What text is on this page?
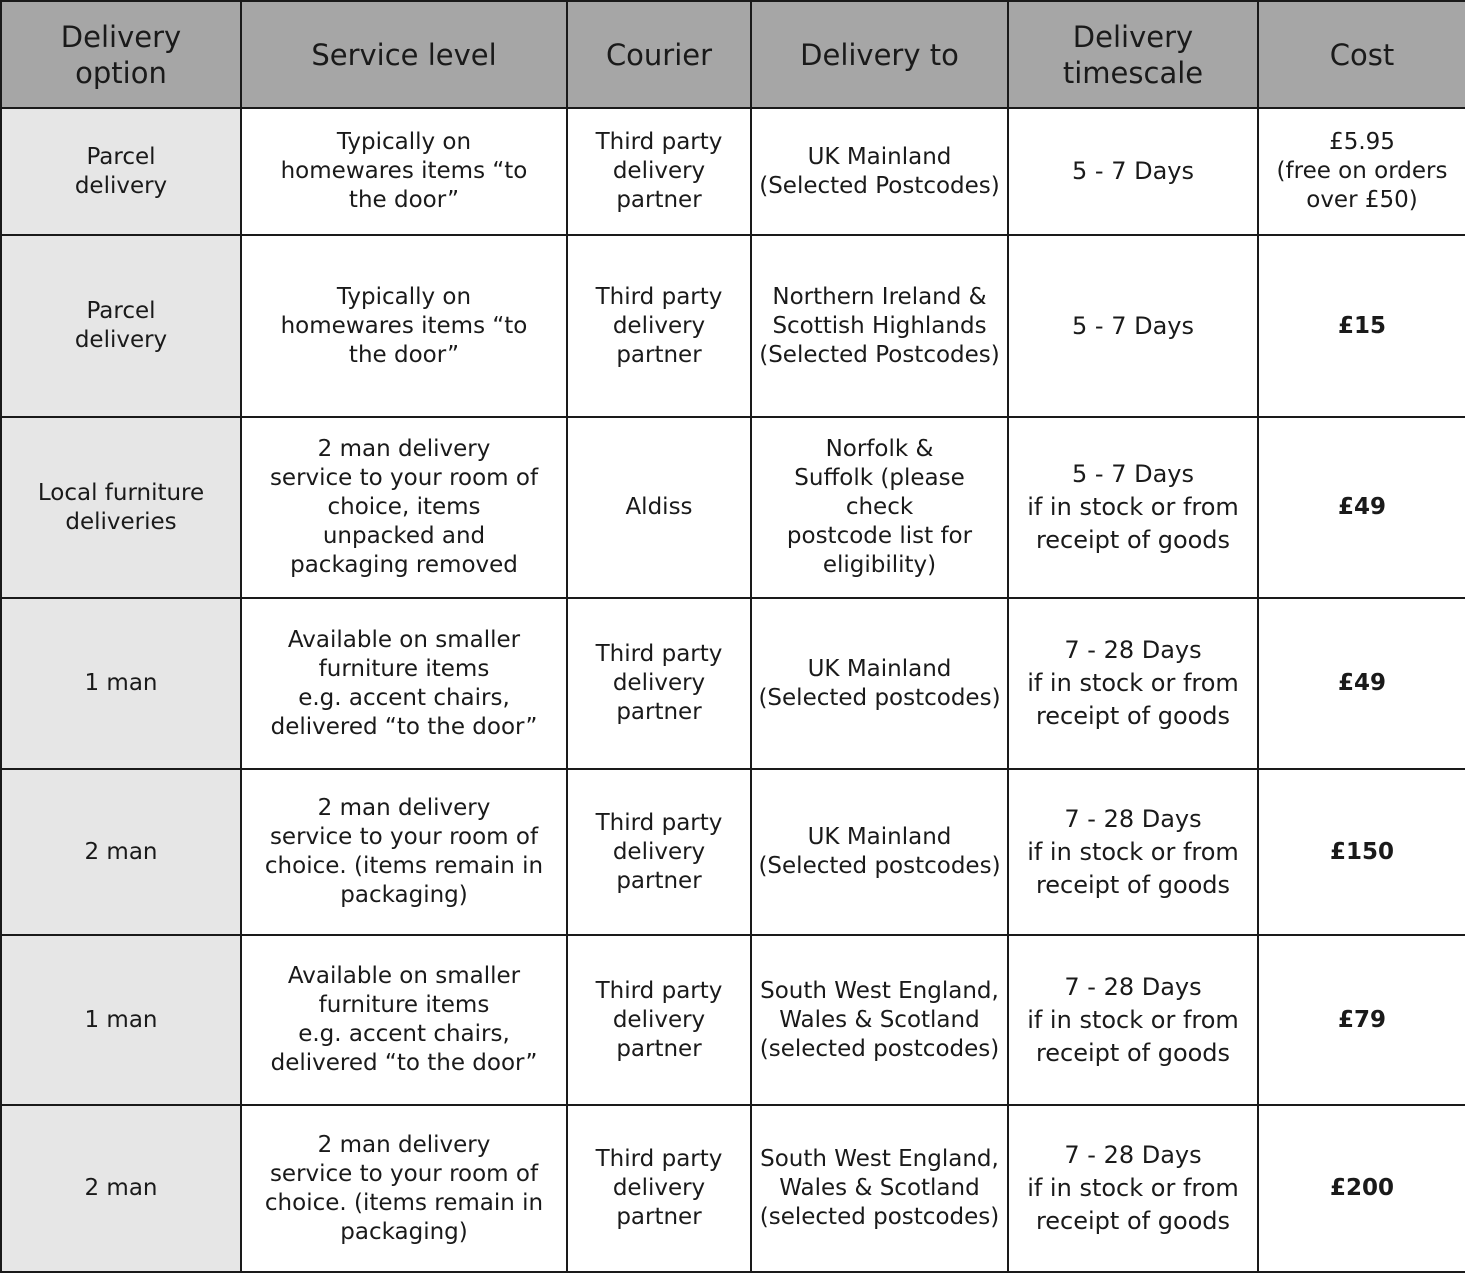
Delivery
option	Service level	Courier	Delivery to	Delivery
timescale	Cost

Parcel
delivery	Typically on
homewares items “to
the door”	Third party
delivery
partner	UK Mainland
(Selected Postcodes)	5 - 7 Days	£5.95
(free on orders
over £50)

Parcel
delivery	Typically on
homewares items “to
the door”	Third party
delivery
partner	Northern Ireland &
Scottish Highlands
(Selected Postcodes)	5 - 7 Days	£15

Local furniture
deliveries	2 man delivery
service to your room of
choice, items
unpacked and
packaging removed	Aldiss	Norfolk &
Suffolk (please check
postcode list for
eligibility)	5 - 7 Days
if in stock or from
receipt of goods	£49

1 man	Available on smaller
furniture items
e.g. accent chairs,
delivered “to the door”	Third party
delivery
partner	UK Mainland
(Selected postcodes)	7 - 28 Days
if in stock or from
receipt of goods	£49

2 man	2 man delivery
service to your room of
choice. (items remain in
packaging)	Third party
delivery
partner	UK Mainland
(Selected postcodes)	7 - 28 Days
if in stock or from
receipt of goods	£150

1 man	Available on smaller
furniture items
e.g. accent chairs,
delivered “to the door”	Third party
delivery
partner	South West England,
Wales & Scotland
(selected postcodes)	7 - 28 Days
if in stock or from
receipt of goods	£79

2 man	2 man delivery
service to your room of
choice. (items remain in
packaging)	Third party
delivery
partner	South West England,
Wales & Scotland
(selected postcodes)	7 - 28 Days
if in stock or from
receipt of goods	£200
